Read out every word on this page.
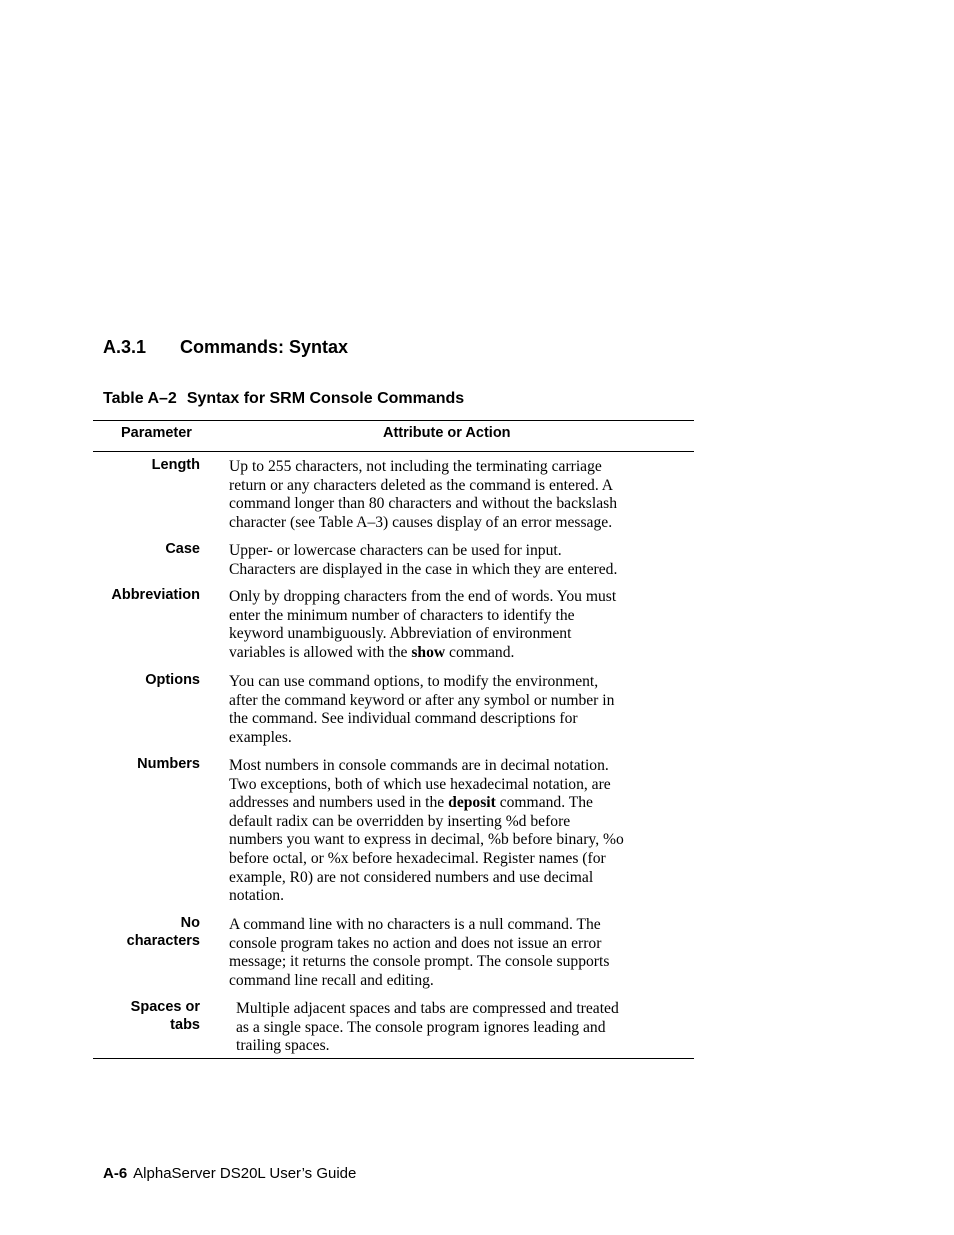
A.3.1 Commands: Syntax
Table A–2 Syntax for SRM Console Commands
Parameter	Attribute or Action
Length Up to 255 characters, not including the terminating carriage
return or any characters deleted as the command is entered. A
command longer than 80 characters and without the backslash
character (see Table A–3) causes display of an error message.
Case Upper- or lowercase characters can be used for input.
Characters are displayed in the case in which they are entered.
Abbreviation Only by dropping characters from the end of words. You must
enter the minimum number of characters to identify the
keyword unambiguously. Abbreviation of environment
variables is allowed with the show command.
Options You can use command options, to modify the environment,
after the command keyword or after any symbol or number in
the command. See individual command descriptions for
examples.
Numbers Most numbers in console commands are in decimal notation.
Two exceptions, both of which use hexadecimal notation, are
addresses and numbers used in the deposit command. The
default radix can be overridden by inserting %d before
numbers you want to express in decimal, %b before binary, %o
before octal, or %x before hexadecimal. Register names (for
example, R0) are not considered numbers and use decimal
notation.
No
characters
A command line with no characters is a null command. The
console program takes no action and does not issue an error
message; it returns the console prompt. The console supports
command line recall and editing.
Spaces or
tabs
Multiple adjacent spaces and tabs are compressed and treated
as a single space. The console program ignores leading and
trailing spaces.
A-6 AlphaServer DS20L User’s Guide
